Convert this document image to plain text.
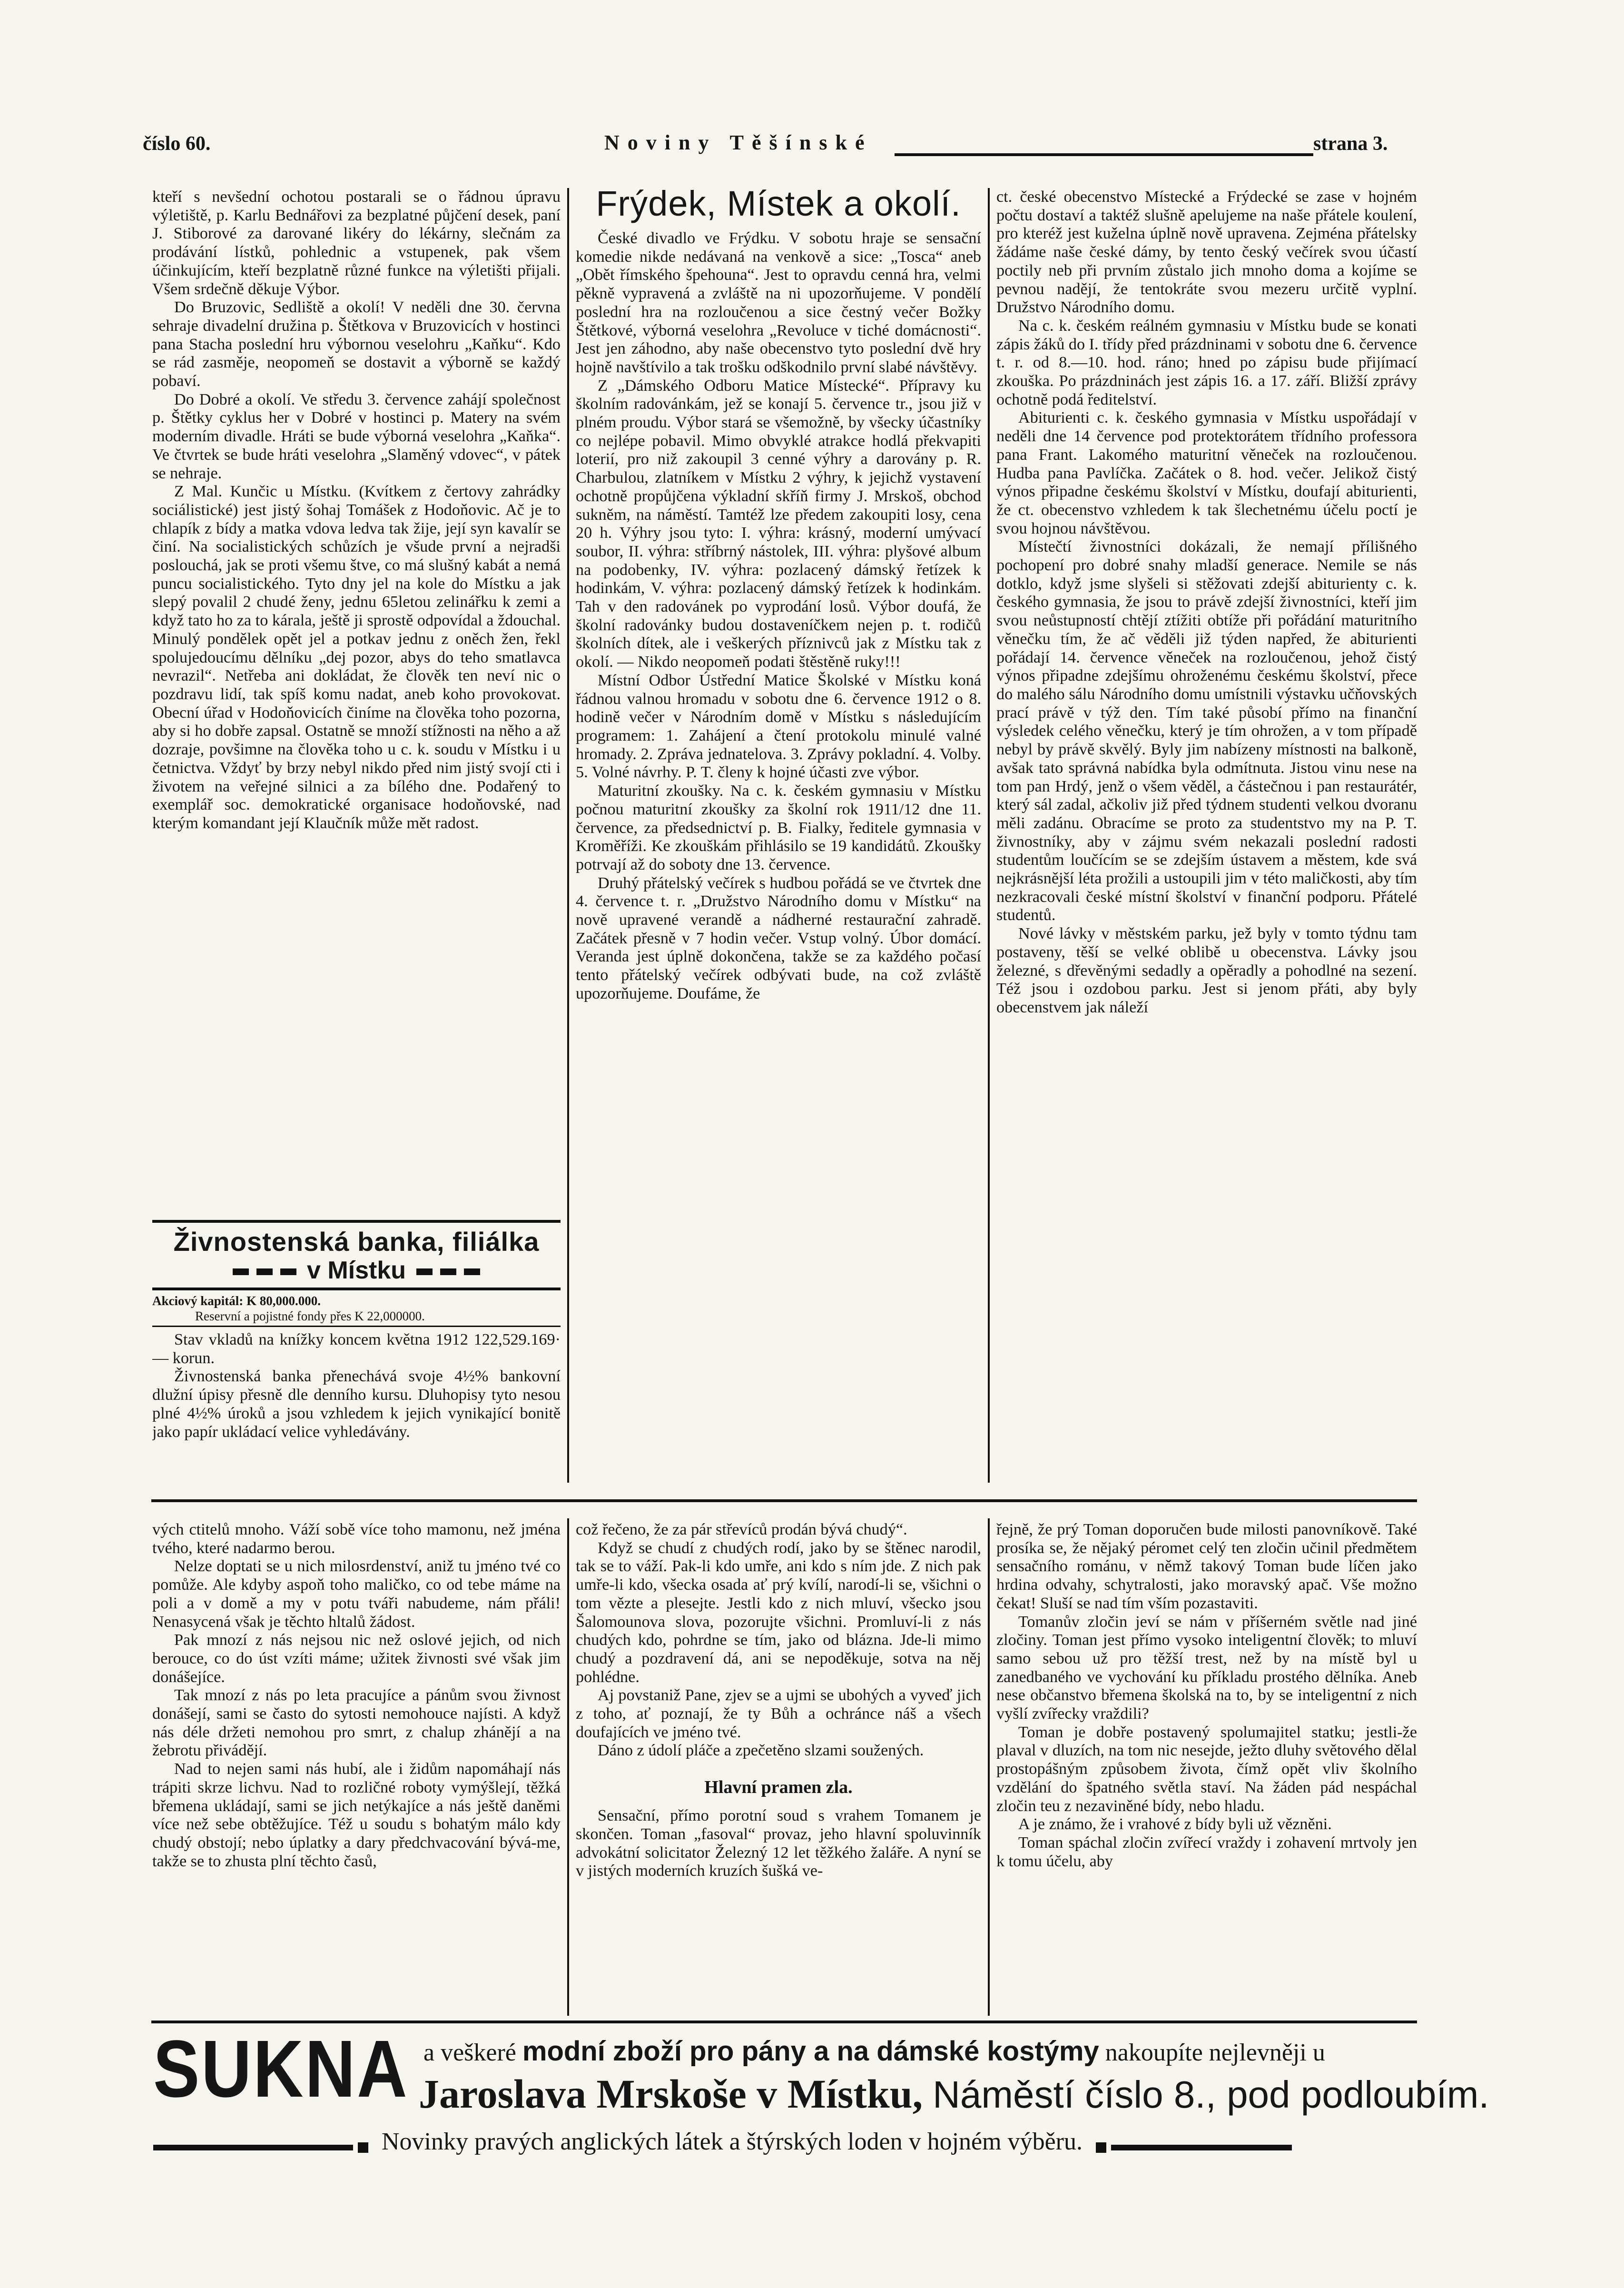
číslo 60.	Noviny Těšínské	strana 3.

kteří s nevšední ochotou postarali se o řádnou úpravu výletiště, p. Karlu Bednářovi za bezplatné půjčení desek, paní J. Stiborové za darované likéry do lékárny, slečnám za prodávání lístků, pohlednic a vstupenek, pak všem účinkujícím, kteří bezplatně různé funkce na výletišti přijali. Všem srdečně děkuje Výbor.

Do Bruzovic, Sedliště a okolí! V neděli dne 30. června sehraje divadelní družina p. Štětkova v Bruzovicích v hostinci pana Stacha poslední hru výbornou veselohru „Kaňku“. Kdo se rád zasměje, neopomeň se dostavit a výborně se každý pobaví.

Do Dobré a okolí. Ve středu 3. července zahájí společnost p. Štětky cyklus her v Dobré v hostinci p. Matery na svém moderním divadle. Hráti se bude výborná veselohra „Kaňka“. Ve čtvrtek se bude hráti veselohra „Slaměný vdovec“, v pátek se nehraje.

Z Mal. Kunčic u Místku. (Kvítkem z čertovy zahrádky sociálistické) jest jistý šohaj Tomášek z Hodoňovic. Ač je to chlapík z bídy a matka vdova ledva tak žije, její syn kavalír se činí. Na socialistických schůzích je všude první a nejradši poslouchá, jak se proti všemu štve, co má slušný kabát a nemá puncu socialistického. Tyto dny jel na kole do Místku a jak slepý povalil 2 chudé ženy, jednu 65letou zelinářku k zemi a když tato ho za to kárala, ještě ji sprostě odpovídal a ždouchal. Minulý pondělek opět jel a potkav jednu z oněch žen, řekl spolujedoucímu dělníku „dej pozor, abys do teho smatlavca nevrazil“. Netřeba ani dokládat, že člověk ten neví nic o pozdravu lidí, tak spíš komu nadat, aneb koho provokovat. Obecní úřad v Hodoňovicích činíme na člověka toho pozorna, aby si ho dobře zapsal. Ostatně se množí stížnosti na něho a až dozraje, povšimne na člověka toho u c. k. soudu v Místku i u četnictva. Vždyť by brzy nebyl nikdo před nim jistý svojí cti i životem na veřejné silnici a za bílého dne. Podařený to exemplář soc. demokratické organisace hodoňovské, nad kterým komandant její Klaučník může mět radost.

Živnostenská banka, filiálka
v Místku

Akciový kapitál: K 80,000.000.

Reservní a pojistné fondy přes K 22,000000.

Stav vkladů na knížky koncem května 1912 122,529.169·— korun.

Živnostenská banka přenechává svoje 4½% bankovní dlužní úpisy přesně dle denního kursu. Dluhopisy tyto nesou plné 4½% úroků a jsou vzhledem k jejich vynikající bonitě jako papír ukládací velice vyhledávány.

Frýdek, Místek a okolí.

České divadlo ve Frýdku. V sobotu hraje se sensační komedie nikde nedávaná na venkově a sice: „Tosca“ aneb „Obět římského špehouna“. Jest to opravdu cenná hra, velmi pěkně vypravená a zvláště na ni upozorňujeme. V pondělí poslední hra na rozloučenou a sice čestný večer Božky Štětkové, výborná veselohra „Revoluce v tiché domácnosti“. Jest jen záhodno, aby naše obecenstvo tyto poslední dvě hry hojně navštívilo a tak trošku odškodnilo první slabé návštěvy.

Z „Dámského Odboru Matice Místecké“. Přípravy ku školním radovánkám, jež se konají 5. července tr., jsou již v plném proudu. Výbor stará se všemožně, by všecky účastníky co nejlépe pobavil. Mimo obvyklé atrakce hodlá překvapiti loterií, pro niž zakoupil 3 cenné výhry a darovány p. R. Charbulou, zlatníkem v Místku 2 výhry, k jejichž vystavení ochotně propůjčena výkladní skříň firmy J. Mrskoš, obchod sukněm, na náměstí. Tamtéž lze předem zakoupiti losy, cena 20 h. Výhry jsou tyto: I. výhra: krásný, moderní umývací soubor, II. výhra: stříbrný nástolek, III. výhra: plyšové album na podobenky, IV. výhra: pozlacený dámský řetízek k hodinkám, V. výhra: pozlacený dámský řetízek k hodinkám. Tah v den radovánek po vyprodání losů. Výbor doufá, že školní radovánky budou dostaveníčkem nejen p. t. rodičů školních dítek, ale i veškerých příznivců jak z Místku tak z okolí. — Nikdo neopomeň podati štěstěně ruky!!!

Místní Odbor Ústřední Matice Školské v Místku koná řádnou valnou hromadu v sobotu dne 6. července 1912 o 8. hodině večer v Národním domě v Místku s následujícím programem: 1. Zahájení a čtení protokolu minulé valné hromady. 2. Zpráva jednatelova. 3. Zprávy pokladní. 4. Volby. 5. Volné návrhy. P. T. členy k hojné účasti zve výbor.

Maturitní zkoušky. Na c. k. českém gymnasiu v Místku počnou maturitní zkoušky za školní rok 1911/12 dne 11. července, za předsednictví p. B. Fialky, ředitele gymnasia v Kroměříži. Ke zkouškám přihlásilo se 19 kandidátů. Zkoušky potrvají až do soboty dne 13. července.

Druhý přátelský večírek s hudbou pořádá se ve čtvrtek dne 4. července t. r. „Družstvo Národního domu v Místku“ na nově upravené verandě a nádherné restaurační zahradě. Začátek přesně v 7 hodin večer. Vstup volný. Úbor domácí. Veranda jest úplně dokončena, takže se za každého počasí tento přátelský večírek odbývati bude, na což zvláště upozorňujeme. Doufáme, že

ct. české obecenstvo Místecké a Frýdecké se zase v hojném počtu dostaví a taktéž slušně apelujeme na naše přátele koulení, pro kteréž jest kuželna úplně nově upravena. Zejména přátelsky žádáme naše české dámy, by tento český večírek svou účastí poctily neb při prvním zůstalo jich mnoho doma a kojíme se pevnou nadějí, že tentokráte svou mezeru určitě vyplní. Družstvo Národního domu.

Na c. k. českém reálném gymnasiu v Místku bude se konati zápis žáků do I. třídy před prázdninami v sobotu dne 6. července t. r. od 8.—10. hod. ráno; hned po zápisu bude přijímací zkouška. Po prázdninách jest zápis 16. a 17. září. Bližší zprávy ochotně podá ředitelství.

Abiturienti c. k. českého gymnasia v Místku uspořádají v neděli dne 14 července pod protektorátem třídního professora pana Frant. Lakomého maturitní věneček na rozloučenou. Hudba pana Pavlíčka. Začátek o 8. hod. večer. Jelikož čistý výnos připadne českému školství v Místku, doufají abiturienti, že ct. obecenstvo vzhledem k tak šlechetnému účelu poctí je svou hojnou návštěvou.

Místečtí živnostníci dokázali, že nemají přílišného pochopení pro dobré snahy mladší generace. Nemile se nás dotklo, když jsme slyšeli si stěžovati zdejší abiturienty c. k. českého gymnasia, že jsou to právě zdejší živnostníci, kteří jim svou neůstupností chtějí ztížiti obtíže při pořádání maturitního věnečku tím, že ač věděli již týden napřed, že abiturienti pořádají 14. července věneček na rozloučenou, jehož čistý výnos připadne zdejšímu ohroženému českému školství, přece do malého sálu Národního domu umístnili výstavku učňovských prací právě v týž den. Tím také působí přímo na finanční výsledek celého věnečku, který je tím ohrožen, a v tom případě nebyl by právě skvělý. Byly jim nabízeny místnosti na balkoně, avšak tato správná nabídka byla odmítnuta. Jistou vinu nese na tom pan Hrdý, jenž o všem věděl, a částečnou i pan restaurátér, který sál zadal, ačkoliv již před týdnem studenti velkou dvoranu měli zadánu. Obracíme se proto za studentstvo my na P. T. živnostníky, aby v zájmu svém nekazali poslední radosti studentům loučícím se se zdejším ústavem a městem, kde svá nejkrásnější léta prožili a ustoupili jim v této maličkosti, aby tím nezkracovali české místní školství v finanční podporu. Přátelé studentů.

Nové lávky v městském parku, jež byly v tomto týdnu tam postaveny, těší se velké oblibě u obecenstva. Lávky jsou železné, s dřevěnými sedadly a opěradly a pohodlné na sezení. Též jsou i ozdobou parku. Jest si jenom přáti, aby byly obecenstvem jak náleží

vých ctitelů mnoho. Váží sobě více toho mamonu, než jména tvého, které nadarmo berou.

Nelze doptati se u nich milosrdenství, aniž tu jméno tvé co pomůže. Ale kdyby aspoň toho maličko, co od tebe máme na poli a v domě a my v potu tváři nabudeme, nám přáli! Nenasycená však je těchto hltalů žádost.

Pak mnozí z nás nejsou nic než oslové jejich, od nich berouce, co do úst vzíti máme; užitek živnosti své však jim donášejíce.

Tak mnozí z nás po leta pracujíce a pánům svou živnost donášejí, sami se často do sytosti nemohouce najísti. A když nás déle držeti nemohou pro smrt, z chalup zhánějí a na žebrotu přivádějí.

Nad to nejen sami nás hubí, ale i židům napomáhají nás trápiti skrze lichvu. Nad to rozličné roboty vymýšlejí, těžká břemena ukládají, sami se jich netýkajíce a nás ještě daněmi více než sebe obtěžujíce. Též u soudu s bohatým málo kdy chudý obstojí; nebo úplatky a dary předchvacování bývá-me, takže se to zhusta plní těchto časů,

což řečeno, že za pár střevíců prodán bývá chudý“.

Když se chudí z chudých rodí, jako by se štěnec narodil, tak se to váží. Pak-li kdo umře, ani kdo s ním jde. Z nich pak umře-li kdo, všecka osada ať prý kvílí, narodí-li se, všichni o tom vězte a plesejte. Jestli kdo z nich mluví, všecko jsou Šalomounova slova, pozorujte všichni. Promluví-li z nás chudých kdo, pohrdne se tím, jako od blázna. Jde-li mimo chudý a pozdravení dá, ani se nepoděkuje, sotva na něj pohlédne.

Aj povstaniž Pane, zjev se a ujmi se ubohých a vyveď jich z toho, ať poznají, že ty Bůh a ochránce náš a všech doufajících ve jméno tvé.

Dáno z údolí pláče a zpečetěno slzami soužených.

Hlavní pramen zla.

Sensační, přímo porotní soud s vrahem Tomanem je skončen. Toman „fasoval“ provaz, jeho hlavní spoluvinník advokátní solicitator Železný 12 let těžkého žaláře. A nyní se v jistých moderních kruzích šušká ve-

řejně, že prý Toman doporučen bude milosti panovníkově. Také prosíka se, že nějaký péromet celý ten zločin učinil předmětem sensačního románu, v němž takový Toman bude líčen jako hrdina odvahy, schytralosti, jako moravský apač. Vše možno čekat! Sluší se nad tím vším pozastaviti.

Tomanův zločin jeví se nám v příšerném světle nad jiné zločiny. Toman jest přímo vysoko inteligentní člověk; to mluví samo sebou už pro těžší trest, než by na místě byl u zanedbaného ve vychování ku příkladu prostého dělníka. Aneb nese občanstvo břemena školská na to, by se inteligentní z nich vyšlí zvířecky vraždili?

Toman je dobře postavený spolumajitel statku; jestli-že plaval v dluzích, na tom nic nesejde, ježto dluhy světového dělal prostopášným způsobem života, čímž opět vliv školního vzdělání do špatného světla staví. Na žáden pád nespáchal zločin teu z nezaviněné bídy, nebo hladu.

A je známo, že i vrahové z bídy byli už vězněni.

Toman spáchal zločin zvířecí vraždy i zohavení mrtvoly jen k tomu účelu, aby

SUKNA a veškeré modní zboží pro pány a na dámské kostýmy nakoupíte nejlevněji u
Jaroslava Mrskoše v Místku, Náměstí číslo 8., pod podloubím.
Novinky pravých anglických látek a štýrských loden v hojném výběru.
